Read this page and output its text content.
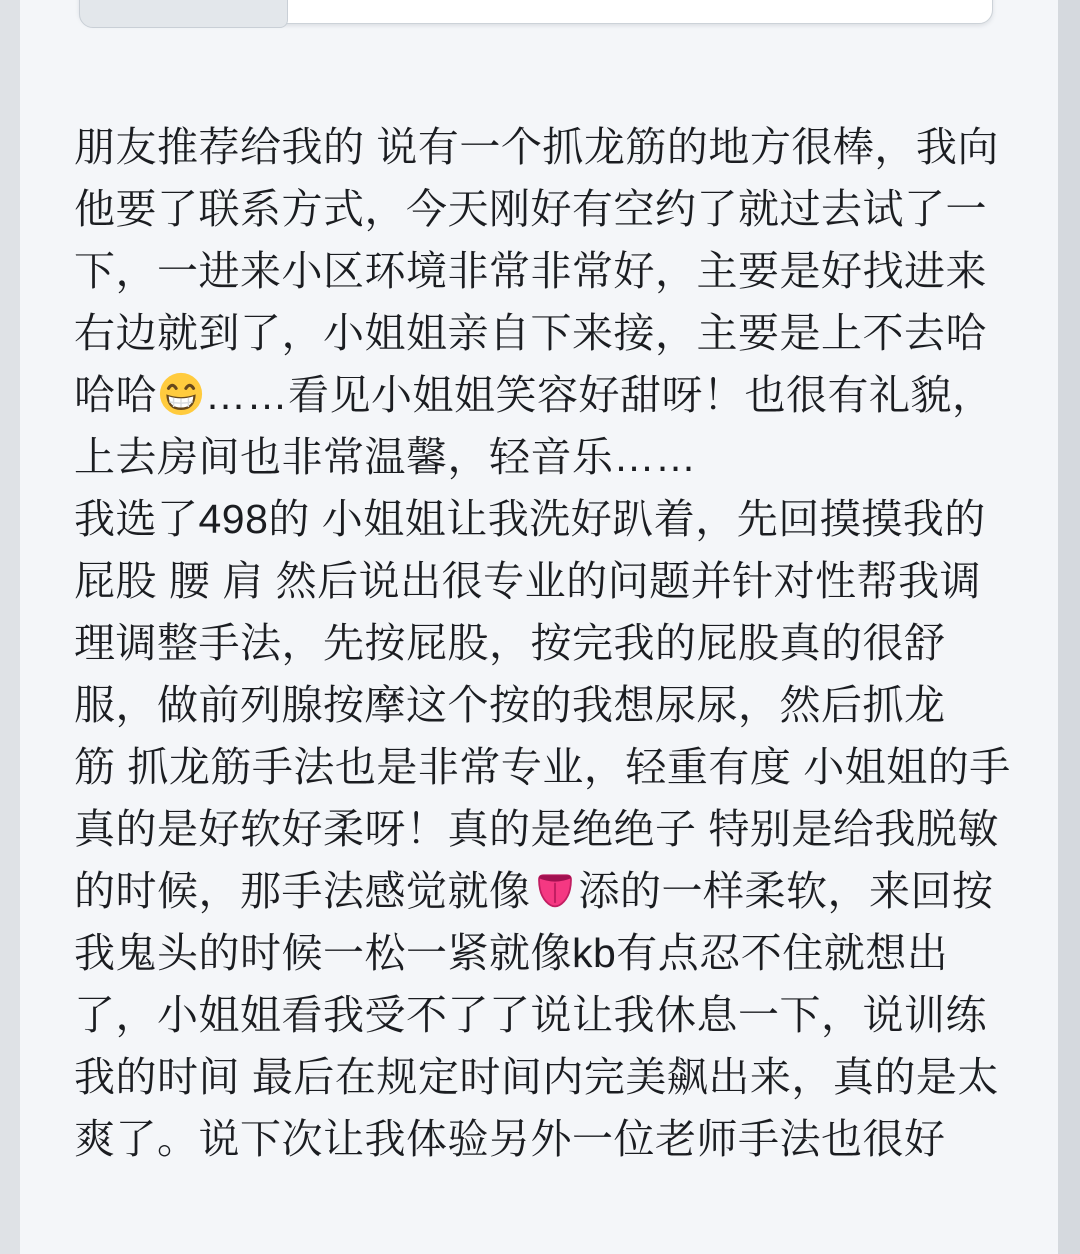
朋友推荐给我的 说有一个抓龙筋的地方很棒，我向
他要了联系方式，今天刚好有空约了就过去试了一
下，一进来小区环境非常非常好，主要是好找进来
右边就到了，小姐姐亲自下来接，主要是上不去哈
哈哈 ……看见小姐姐笑容好甜呀！也很有礼貌，
上去房间也非常温馨，轻音乐……
我选了498的 小姐姐让我洗好趴着，先回摸摸我的
屁股 腰 肩 然后说出很专业的问题并针对性帮我调
理调整手法，先按屁股，按完我的屁股真的很舒
服，做前列腺按摩这个按的我想尿尿，然后抓龙
筋 抓龙筋手法也是非常专业，轻重有度 小姐姐的手
真的是好软好柔呀！真的是绝绝子 特别是给我脱敏
的时候，那手法感觉就像 添的一样柔软，来回按
我鬼头的时候一松一紧就像kb有点忍不住就想出
了，小姐姐看我受不了了说让我休息一下，说训练
我的时间 最后在规定时间内完美飙出来，真的是太
爽了。说下次让我体验另外一位老师手法也很好
